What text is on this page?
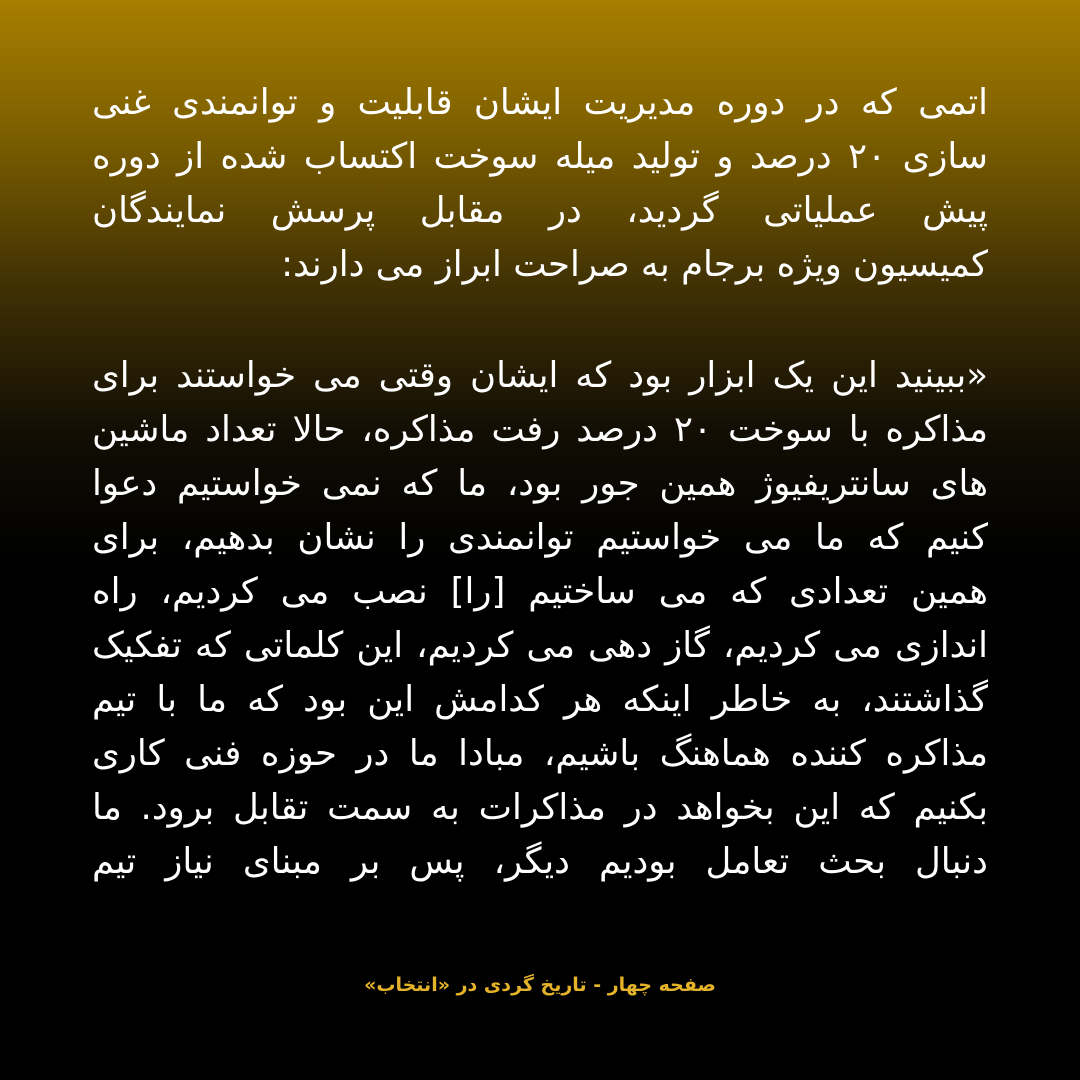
اتمی که در دوره مدیریت ایشان قابلیت و توانمندی غنی
سازی ۲۰ درصد و تولید میله سوخت اکتساب شده از دوره
پیش عملیاتی گردید، در مقابل پرسش نمایندگان
کمیسیون ویژه برجام به صراحت ابراز می دارند:
«ببینید این یک ابزار بود که ایشان وقتی می خواستند برای
مذاکره با سوخت ۲۰ درصد رفت مذاکره، حالا تعداد ماشین
های سانتریفیوژ همین جور بود، ما که نمی خواستیم دعوا
کنیم که ما می خواستیم توانمندی را نشان بدهیم، برای
همین تعدادی که می ساختیم [را] نصب می کردیم، راه
اندازی می کردیم، گاز دهی می کردیم، این کلماتی که تفکیک
گذاشتند، به خاطر اینکه هر کدامش این بود که ما با تیم
مذاکره کننده هماهنگ باشیم، مبادا ما در حوزه فنی کاری
بکنیم که این بخواهد در مذاکرات به سمت تقابل برود. ما
دنبال بحث تعامل بودیم دیگر، پس بر مبنای نیاز تیم
صفحه چهار - تاریخ گردی در «انتخاب»
